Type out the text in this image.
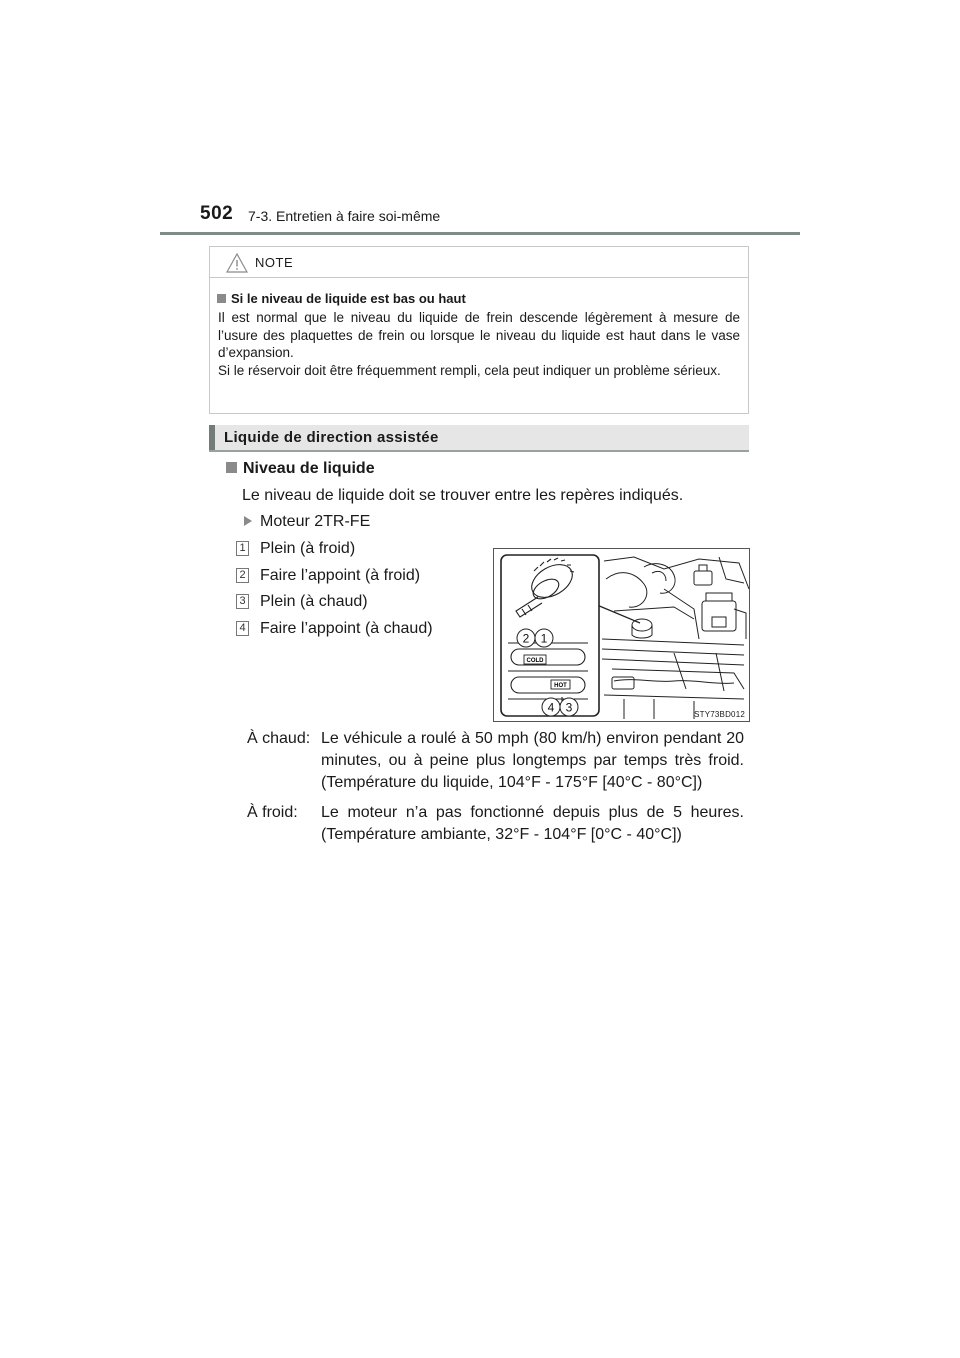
502 7-3. Entretien à faire soi-même
NOTE
Si le niveau de liquide est bas ou haut

Il est normal que le niveau du liquide de frein descende légèrement à mesure de l’usure des plaquettes de frein ou lorsque le niveau du liquide est haut dans le vase d’expansion.

Si le réservoir doit être fréquemment rempli, cela peut indiquer un problème sérieux.

Liquide de direction assistée
Niveau de liquide
Le niveau de liquide doit se trouver entre les repères indiqués.
Moteur 2TR-FE
1 Plein (à froid)
2 Faire l’appoint (à froid)
3 Plein (à chaud)
4 Faire l’appoint (à chaud)
COLD
HOT
2 1
4 3	STY73BD012
À chaud: Le véhicule a roulé à 50 mph (80 km/h) environ pendant 20 minutes, ou à peine plus longtemps par temps très froid. (Température du liquide, 104°F - 175°F [40°C - 80°C])
À froid: Le moteur n’a pas fonctionné depuis plus de 5 heures. (Température ambiante, 32°F - 104°F [0°C - 40°C])
